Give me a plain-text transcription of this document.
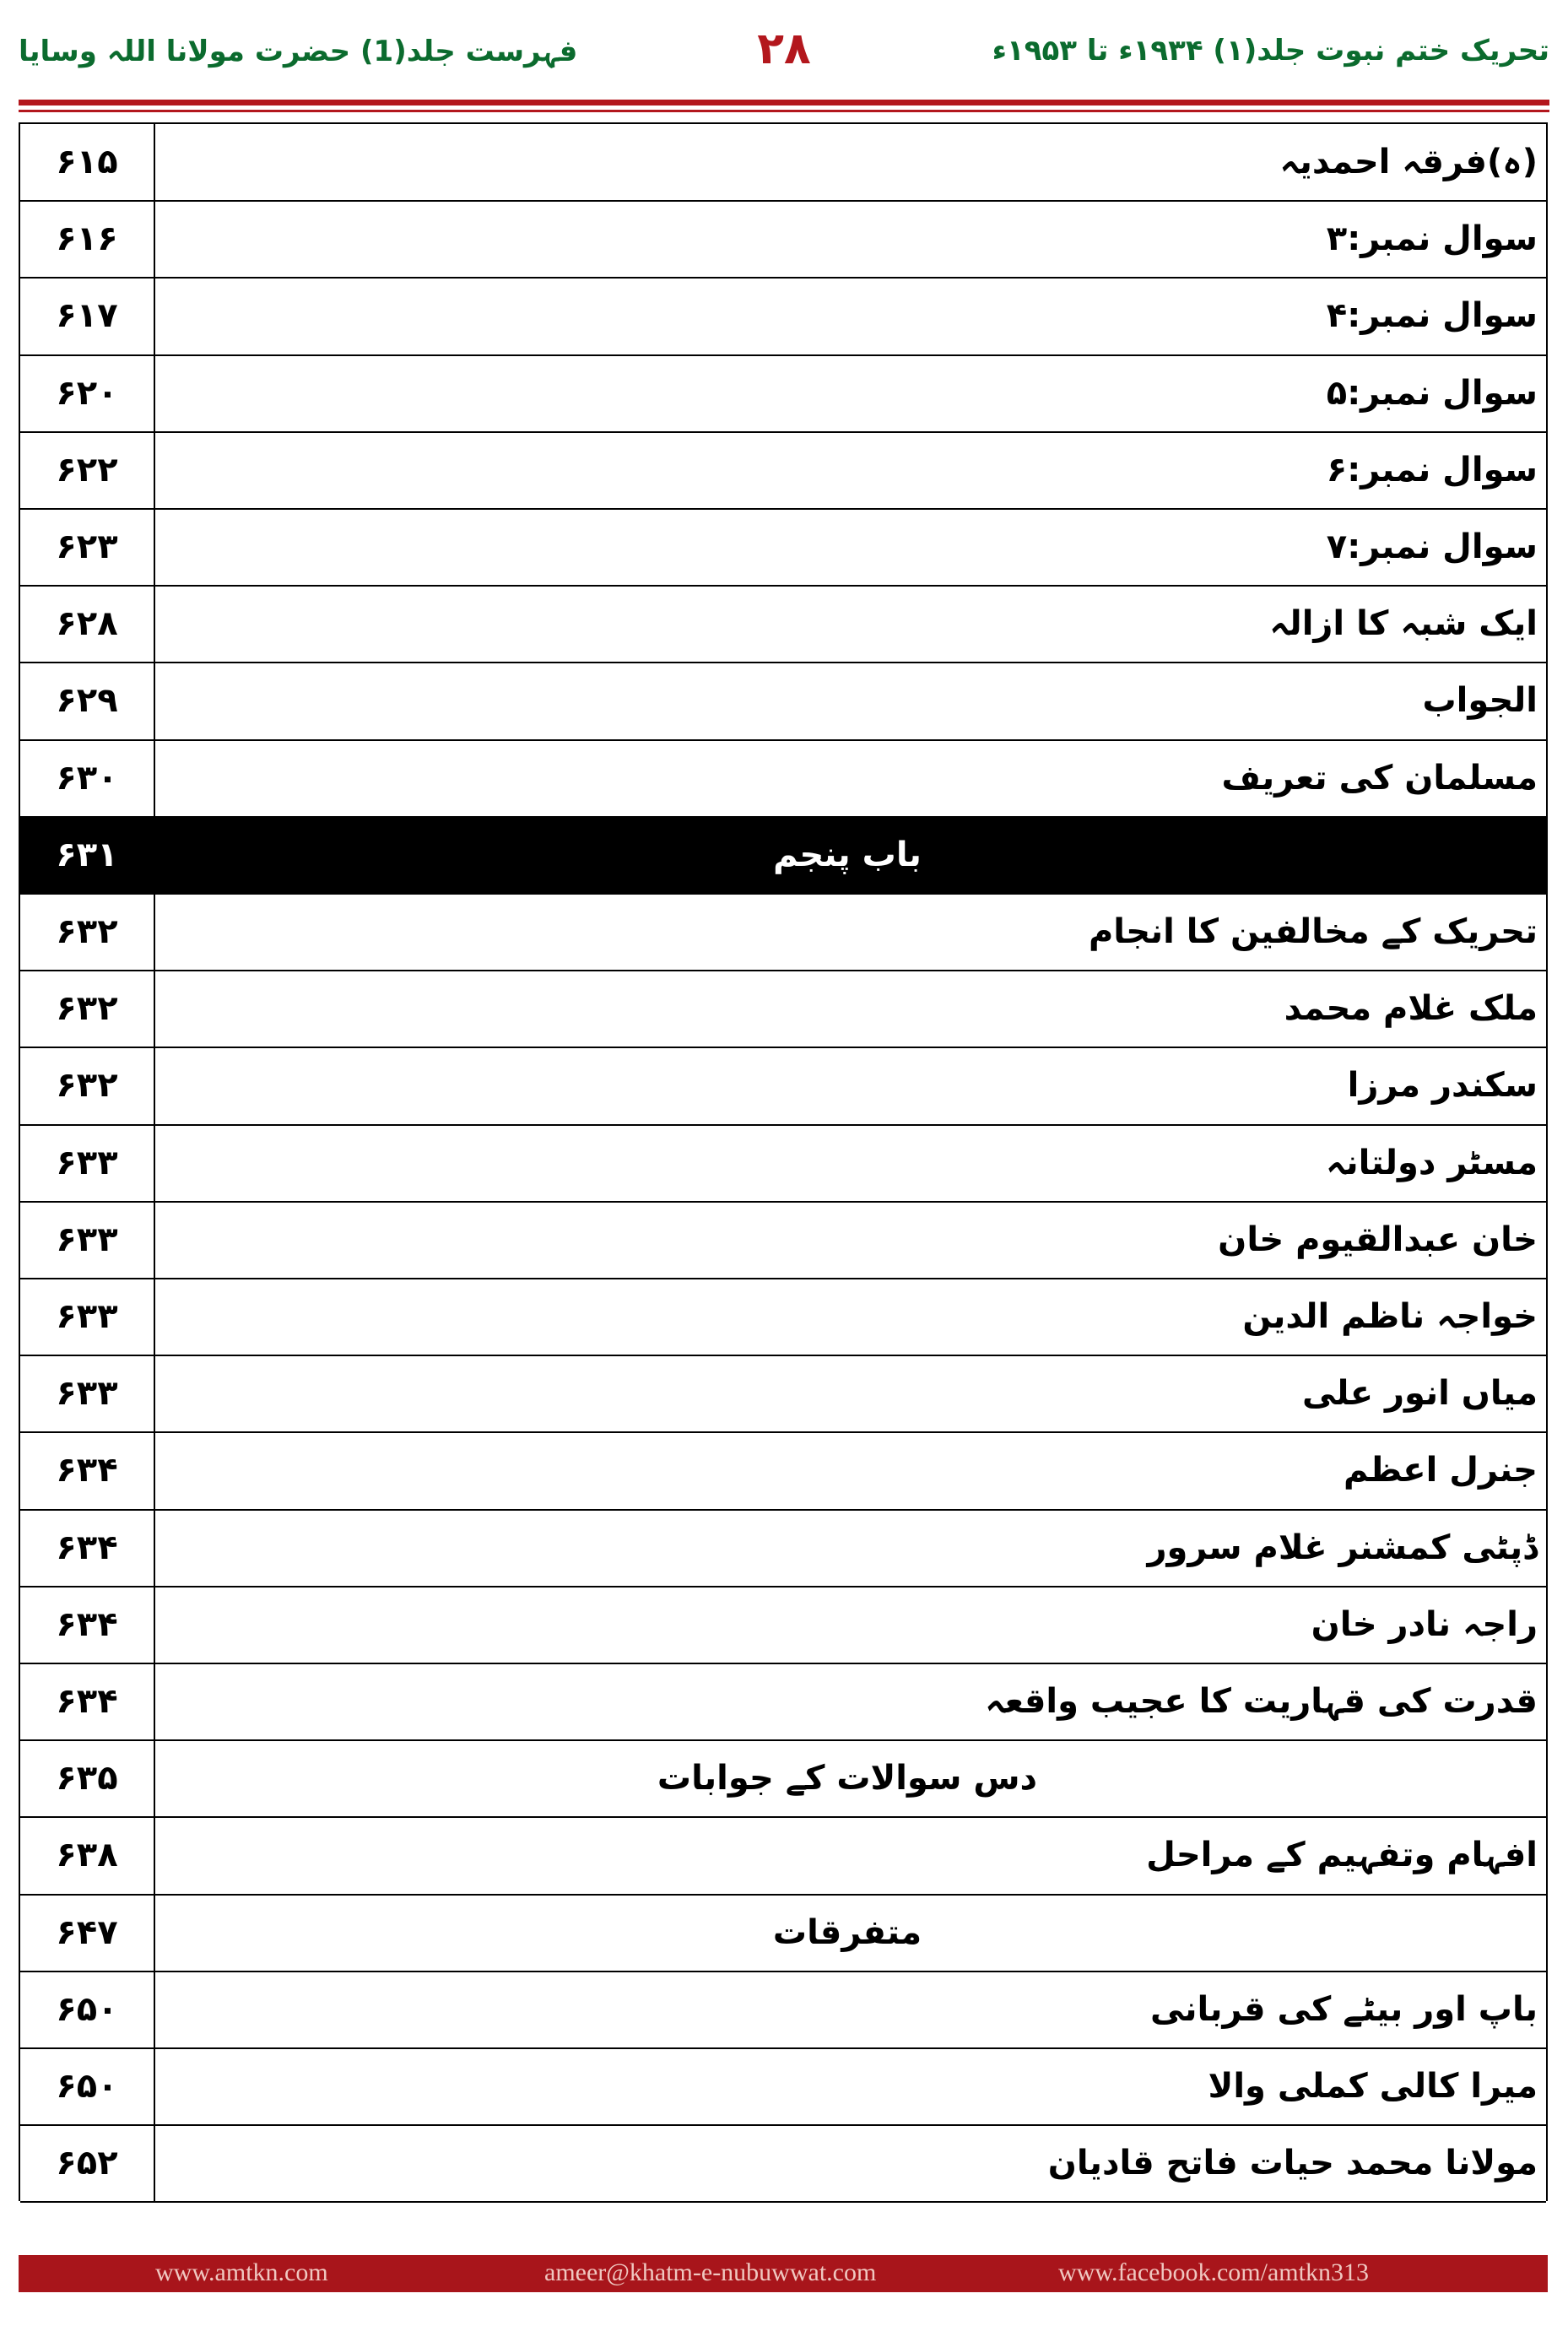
فہرست جلد(1) حضرت مولانا اللہ وسایا	۲۸	تحریک ختم نبوت جلد(۱) ۱۹۳۴ء تا ۱۹۵۳ء
۶۱۵	(ہ)فرقہ احمدیہ
۶۱۶	سوال نمبر:۳
۶۱۷	سوال نمبر:۴
۶۲۰	سوال نمبر:۵
۶۲۲	سوال نمبر:۶
۶۲۳	سوال نمبر:۷
۶۲۸	ایک شبہ کا ازالہ
۶۲۹	الجواب
۶۳۰	مسلمان کی تعریف
۶۳۱	باب پنجم
۶۳۲	تحریک کے مخالفین کا انجام
۶۳۲	ملک غلام محمد
۶۳۲	سکندر مرزا
۶۳۳	مسٹر دولتانہ
۶۳۳	خان عبدالقیوم خان
۶۳۳	خواجہ ناظم الدین
۶۳۳	میاں انور علی
۶۳۴	جنرل اعظم
۶۳۴	ڈپٹی کمشنر غلام سرور
۶۳۴	راجہ نادر خان
۶۳۴	قدرت کی قہاریت کا عجیب واقعہ
۶۳۵	دس سوالات کے جوابات
۶۳۸	افہام وتفہیم کے مراحل
۶۴۷	متفرقات
۶۵۰	باپ اور بیٹے کی قربانی
۶۵۰	میرا کالی کملی والا
۶۵۲	مولانا محمد حیات فاتح قادیان
www.amtkn.com	ameer@khatm-e-nubuwwat.com	www.facebook.com/amtkn313
